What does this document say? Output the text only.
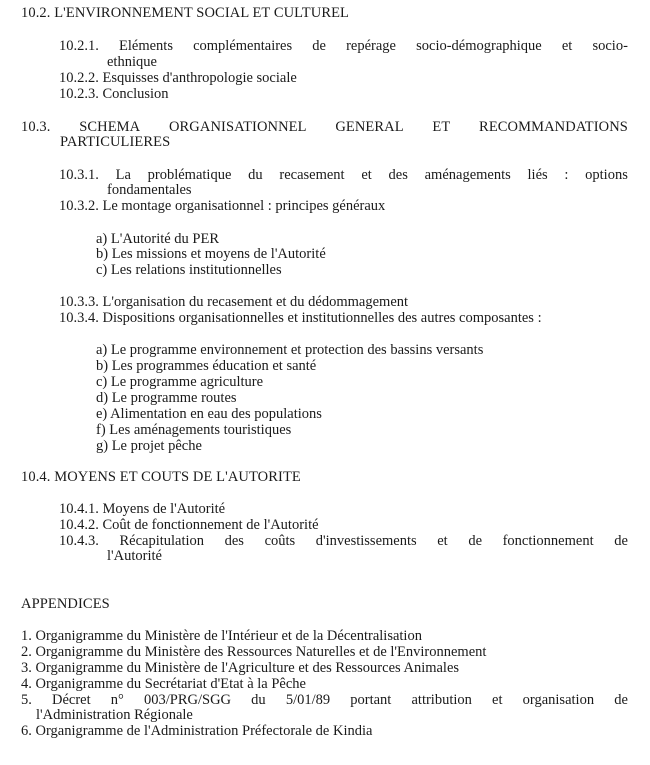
10.2. L'ENVIRONNEMENT SOCIAL ET CULTUREL
10.2.1. Eléments complémentaires de repérage socio-démographique et socio-
ethnique
10.2.2. Esquisses d'anthropologie sociale
10.2.3. Conclusion
10.3. SCHEMA ORGANISATIONNEL GENERAL ET RECOMMANDATIONS
PARTICULIERES
10.3.1. La problématique du recasement et des aménagements liés : options
fondamentales
10.3.2. Le montage organisationnel : principes généraux
a) L'Autorité du PER
b) Les missions et moyens de l'Autorité
c) Les relations institutionnelles
10.3.3. L'organisation du recasement et du dédommagement
10.3.4. Dispositions organisationnelles et institutionnelles des autres composantes :
a) Le programme environnement et protection des bassins versants
b) Les programmes éducation et santé
c) Le programme agriculture
d) Le programme routes
e) Alimentation en eau des populations
f) Les aménagements touristiques
g) Le projet pêche
10.4. MOYENS ET COUTS DE L'AUTORITE
10.4.1. Moyens de l'Autorité
10.4.2. Coût de fonctionnement de l'Autorité
10.4.3. Récapitulation des coûts d'investissements et de fonctionnement de
l'Autorité
APPENDICES
1. Organigramme du Ministère de l'Intérieur et de la Décentralisation
2. Organigramme du Ministère des Ressources Naturelles et de l'Environnement
3. Organigramme du Ministère de l'Agriculture et des Ressources Animales
4. Organigramme du Secrétariat d'Etat à la Pêche
5. Décret n° 003/PRG/SGG du 5/01/89 portant attribution et organisation de
l'Administration Régionale
6. Organigramme de l'Administration Préfectorale de Kindia
